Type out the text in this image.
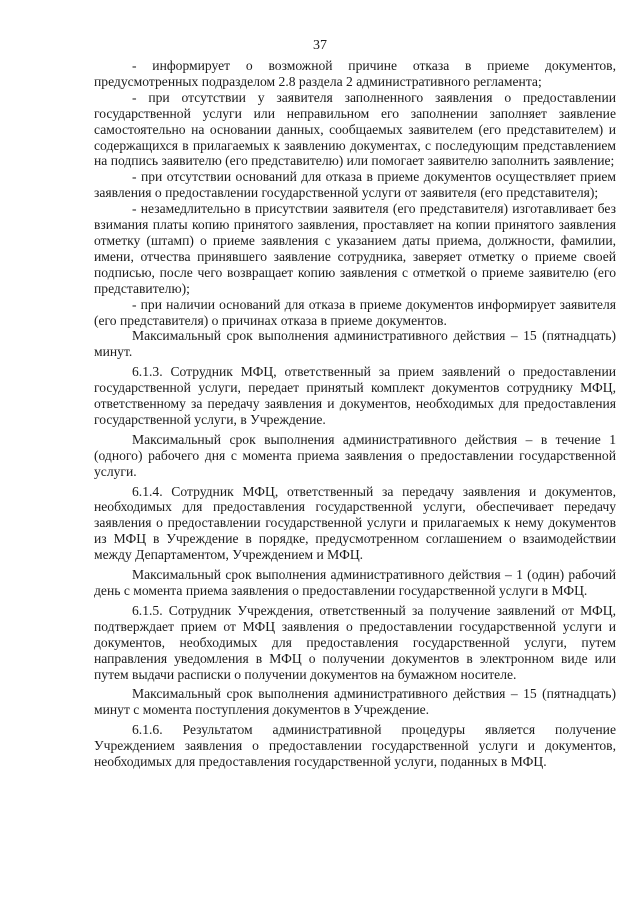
37

- информирует о возможной причине отказа в приеме документов, предусмотренных подразделом 2.8 раздела 2 административного регламента;

- при отсутствии у заявителя заполненного заявления о предоставлении государственной услуги или неправильном его заполнении заполняет заявление самостоятельно на основании данных, сообщаемых заявителем (его представителем) и содержащихся в прилагаемых к заявлению документах, с последующим представлением на подпись заявителю (его представителю) или помогает заявителю заполнить заявление;

- при отсутствии оснований для отказа в приеме документов осуществляет прием заявления о предоставлении государственной услуги от заявителя (его представителя);

- незамедлительно в присутствии заявителя (его представителя) изготавливает без взимания платы копию принятого заявления, проставляет на копии принятого заявления отметку (штамп) о приеме заявления с указанием даты приема, должности, фамилии, имени, отчества принявшего заявление сотрудника, заверяет отметку о приеме своей подписью, после чего возвращает копию заявления с отметкой о приеме заявителю (его представителю);

- при наличии оснований для отказа в приеме документов информирует заявителя (его представителя) о причинах отказа в приеме документов.

Максимальный срок выполнения административного действия – 15 (пятнадцать) минут.

6.1.3. Сотрудник МФЦ, ответственный за прием заявлений о предоставлении государственной услуги, передает принятый комплект документов сотруднику МФЦ, ответственному за передачу заявления и документов, необходимых для предоставления государственной услуги, в Учреждение.

Максимальный срок выполнения административного действия – в течение 1 (одного) рабочего дня с момента приема заявления о предоставлении государственной услуги.

6.1.4. Сотрудник МФЦ, ответственный за передачу заявления и документов, необходимых для предоставления государственной услуги, обеспечивает передачу заявления о предоставлении государственной услуги и прилагаемых к нему документов из МФЦ в Учреждение в порядке, предусмотренном соглашением о взаимодействии между Департаментом, Учреждением и МФЦ.

Максимальный срок выполнения административного действия – 1 (один) рабочий день с момента приема заявления о предоставлении государственной услуги в МФЦ.

6.1.5. Сотрудник Учреждения, ответственный за получение заявлений от МФЦ, подтверждает прием от МФЦ заявления о предоставлении государственной услуги и документов, необходимых для предоставления государственной услуги, путем направления уведомления в МФЦ о получении документов в электронном виде или путем выдачи расписки о получении документов на бумажном носителе.

Максимальный срок выполнения административного действия – 15 (пятнадцать) минут с момента поступления документов в Учреждение.

6.1.6. Результатом административной процедуры является получение Учреждением заявления о предоставлении государственной услуги и документов, необходимых для предоставления государственной услуги, поданных в МФЦ.
